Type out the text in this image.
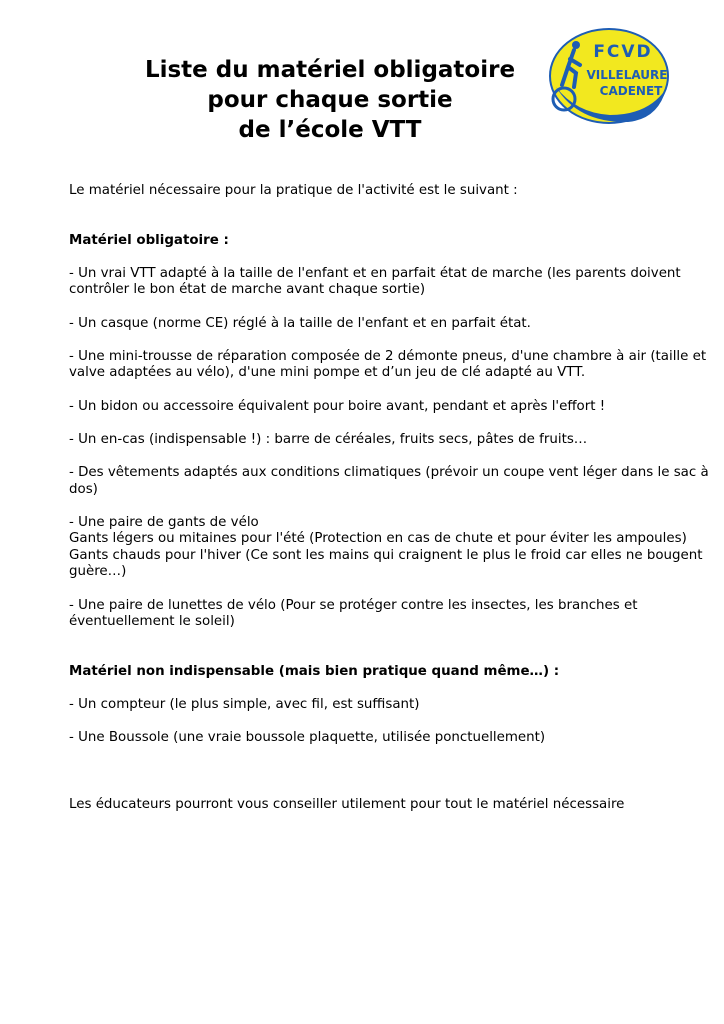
Liste du matériel obligatoire
pour chaque sortie
de l’école VTT
FCVD
VILLELAURE
CADENET

Le matériel nécessaire pour la pratique de l'activité est le suivant :

Matériel obligatoire :

- Un vrai VTT adapté à la taille de l'enfant et en parfait état de marche (les parents doivent contrôler le bon état de marche avant chaque sortie)

- Un casque (norme CE) réglé à la taille de l'enfant et en parfait état.

- Une mini-trousse de réparation composée de 2 démonte pneus, d'une chambre à air (taille et valve adaptées au vélo), d'une mini pompe et d’un jeu de clé adapté au VTT.

- Un bidon ou accessoire équivalent pour boire avant, pendant et après l'effort !

- Un en-cas (indispensable !) : barre de céréales, fruits secs, pâtes de fruits…

- Des vêtements adaptés aux conditions climatiques (prévoir un coupe vent léger dans le sac à dos)

- Une paire de gants de vélo

Gants légers ou mitaines pour l'été (Protection en cas de chute et pour éviter les ampoules)

Gants chauds pour l'hiver (Ce sont les mains qui craignent le plus le froid car elles ne bougent guère…)

- Une paire de lunettes de vélo (Pour se protéger contre les insectes, les branches et éventuellement le soleil)

Matériel non indispensable (mais bien pratique quand même…) :

- Un compteur (le plus simple, avec fil, est suffisant)

- Une Boussole (une vraie boussole plaquette, utilisée ponctuellement)

Les éducateurs pourront vous conseiller utilement pour tout le matériel nécessaire
